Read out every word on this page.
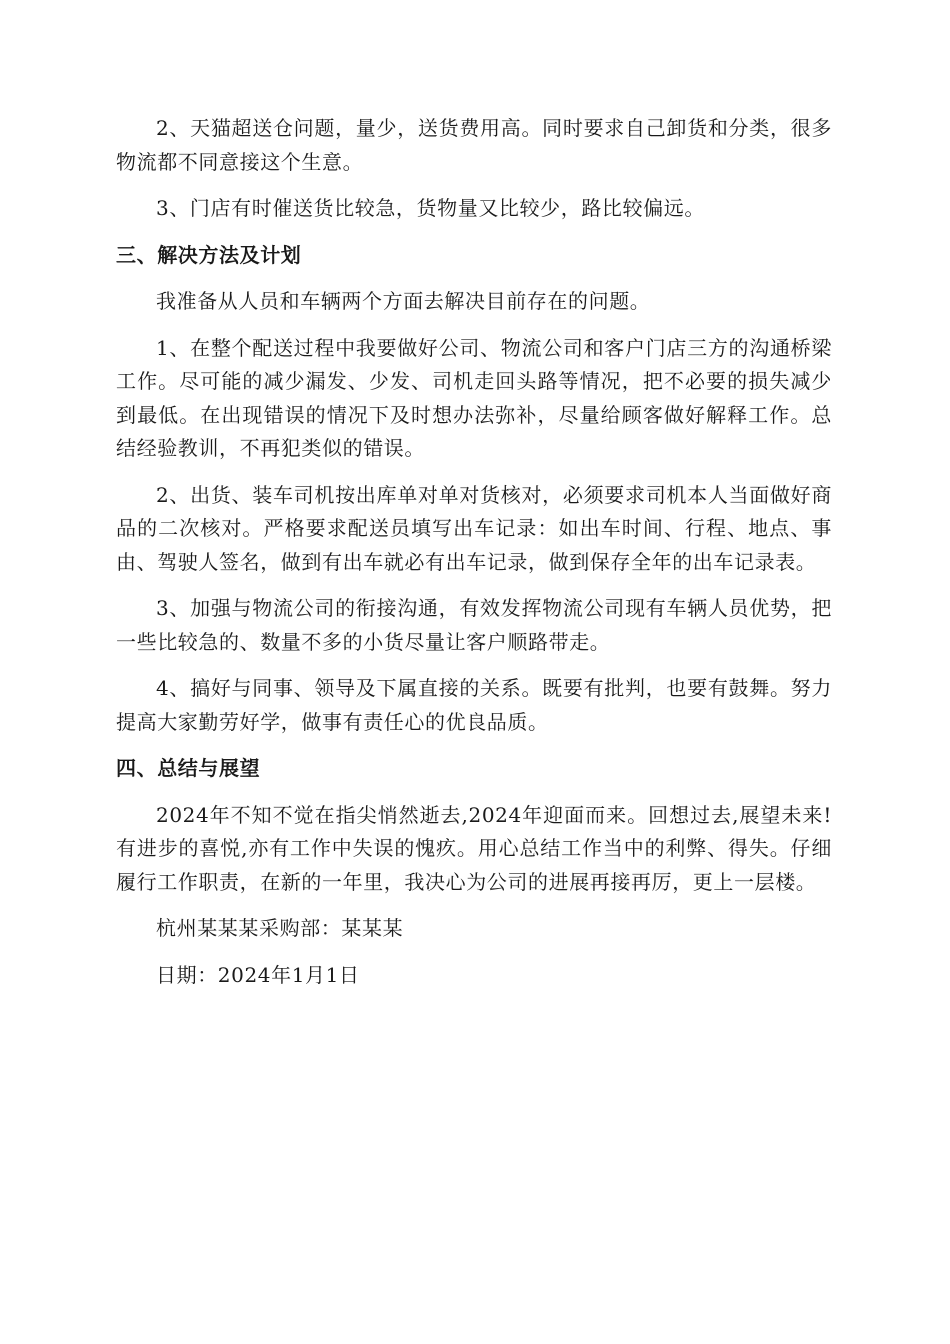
2、天猫超送仓问题，量少，送货费用高。同时要求自己卸货和分类，很多物流都不同意接这个生意。

3、门店有时催送货比较急，货物量又比较少，路比较偏远。

三、解决方法及计划

我准备从人员和车辆两个方面去解决目前存在的问题。

1、在整个配送过程中我要做好公司、物流公司和客户门店三方的沟通桥梁工作。尽可能的减少漏发、少发、司机走回头路等情况，把不必要的损失减少到最低。在出现错误的情况下及时想办法弥补，尽量给顾客做好解释工作。总结经验教训，不再犯类似的错误。

2、出货、装车司机按出库单对单对货核对，必须要求司机本人当面做好商品的二次核对。严格要求配送员填写出车记录：如出车时间、行程、地点、事由、驾驶人签名，做到有出车就必有出车记录，做到保存全年的出车记录表。

3、加强与物流公司的衔接沟通，有效发挥物流公司现有车辆人员优势，把一些比较急的、数量不多的小货尽量让客户顺路带走。

4、搞好与同事、领导及下属直接的关系。既要有批判，也要有鼓舞。努力提高大家勤劳好学，做事有责任心的优良品质。

四、总结与展望

2024年不知不觉在指尖悄然逝去,2024年迎面而来。回想过去,展望未来!有进步的喜悦,亦有工作中失误的愧疚。用心总结工作当中的利弊、得失。仔细履行工作职责，在新的一年里，我决心为公司的进展再接再厉，更上一层楼。

杭州某某某采购部：某某某

日期：2024年1月1日
